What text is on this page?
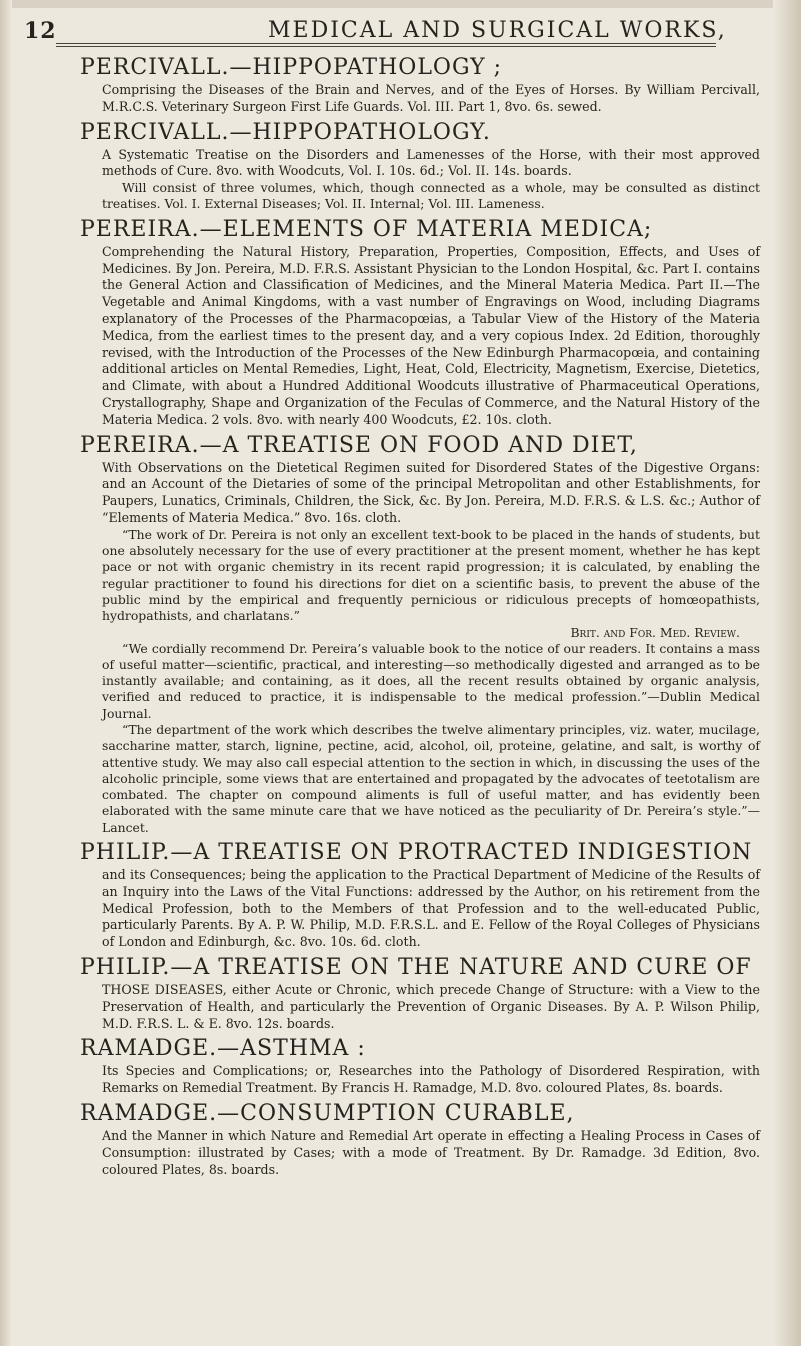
12	MEDICAL AND SURGICAL WORKS,

PERCIVALL.—HIPPOPATHOLOGY ;

Comprising the Diseases of the Brain and Nerves, and of the Eyes of Horses. By William Percivall, M.R.C.S. Veterinary Surgeon First Life Guards. Vol. III. Part 1, 8vo. 6s. sewed.

PERCIVALL.—HIPPOPATHOLOGY.

A Systematic Treatise on the Disorders and Lamenesses of the Horse, with their most approved methods of Cure. 8vo. with Woodcuts, Vol. I. 10s. 6d.; Vol. II. 14s. boards.

Will consist of three volumes, which, though connected as a whole, may be consulted as distinct treatises. Vol. I. External Diseases; Vol. II. Internal; Vol. III. Lameness.

PEREIRA.—ELEMENTS OF MATERIA MEDICA;

Comprehending the Natural History, Preparation, Properties, Composition, Effects, and Uses of Medicines. By Jon. Pereira, M.D. F.R.S. Assistant Physician to the London Hospital, &c. Part I. contains the General Action and Classification of Medicines, and the Mineral Materia Medica. Part II.—The Vegetable and Animal Kingdoms, with a vast number of Engravings on Wood, including Diagrams explanatory of the Processes of the Pharmacopœias, a Tabular View of the History of the Materia Medica, from the earliest times to the present day, and a very copious Index. 2d Edition, thoroughly revised, with the Introduction of the Processes of the New Edinburgh Pharmacopœia, and containing additional articles on Mental Remedies, Light, Heat, Cold, Electricity, Magnetism, Exercise, Dietetics, and Climate, with about a Hundred Additional Woodcuts illustrative of Pharmaceutical Operations, Crystallography, Shape and Organization of the Feculas of Commerce, and the Natural History of the Materia Medica. 2 vols. 8vo. with nearly 400 Woodcuts, £2. 10s. cloth.

PEREIRA.—A TREATISE ON FOOD AND DIET,

With Observations on the Dietetical Regimen suited for Disordered States of the Digestive Organs: and an Account of the Dietaries of some of the principal Metropolitan and other Establishments, for Paupers, Lunatics, Criminals, Children, the Sick, &c. By Jon. Pereira, M.D. F.R.S. & L.S. &c.; Author of “Elements of Materia Medica.” 8vo. 16s. cloth.

“The work of Dr. Pereira is not only an excellent text-book to be placed in the hands of students, but one absolutely necessary for the use of every practitioner at the present moment, whether he has kept pace or not with organic chemistry in its recent rapid progression; it is calculated, by enabling the regular practitioner to found his directions for diet on a scientific basis, to prevent the abuse of the public mind by the empirical and frequently pernicious or ridiculous precepts of homœopathists, hydropathists, and charlatans.”

Brit. and For. Med. Review.

“We cordially recommend Dr. Pereira’s valuable book to the notice of our readers. It contains a mass of useful matter—scientific, practical, and interesting—so methodically digested and arranged as to be instantly available; and containing, as it does, all the recent results obtained by organic analysis, verified and reduced to practice, it is indispensable to the medical profession.”—Dublin Medical Journal.

“The department of the work which describes the twelve alimentary principles, viz. water, mucilage, saccharine matter, starch, lignine, pectine, acid, alcohol, oil, proteine, gelatine, and salt, is worthy of attentive study. We may also call especial attention to the section in which, in discussing the uses of the alcoholic principle, some views that are entertained and propagated by the advocates of teetotalism are combated. The chapter on compound aliments is full of useful matter, and has evidently been elaborated with the same minute care that we have noticed as the peculiarity of Dr. Pereira’s style.”—Lancet.

PHILIP.—A TREATISE ON PROTRACTED INDIGESTION

and its Consequences; being the application to the Practical Department of Medicine of the Results of an Inquiry into the Laws of the Vital Functions: addressed by the Author, on his retirement from the Medical Profession, both to the Members of that Profession and to the well-educated Public, particularly Parents. By A. P. W. Philip, M.D. F.R.S.L. and E. Fellow of the Royal Colleges of Physicians of London and Edinburgh, &c. 8vo. 10s. 6d. cloth.

PHILIP.—A TREATISE ON THE NATURE AND CURE OF

THOSE DISEASES, either Acute or Chronic, which precede Change of Structure: with a View to the Preservation of Health, and particularly the Prevention of Organic Diseases. By A. P. Wilson Philip, M.D. F.R.S. L. & E. 8vo. 12s. boards.

RAMADGE.—ASTHMA :

Its Species and Complications; or, Researches into the Pathology of Disordered Respiration, with Remarks on Remedial Treatment. By Francis H. Ramadge, M.D. 8vo. coloured Plates, 8s. boards.

RAMADGE.—CONSUMPTION CURABLE,

And the Manner in which Nature and Remedial Art operate in effecting a Healing Process in Cases of Consumption: illustrated by Cases; with a mode of Treatment. By Dr. Ramadge. 3d Edition, 8vo. coloured Plates, 8s. boards.
